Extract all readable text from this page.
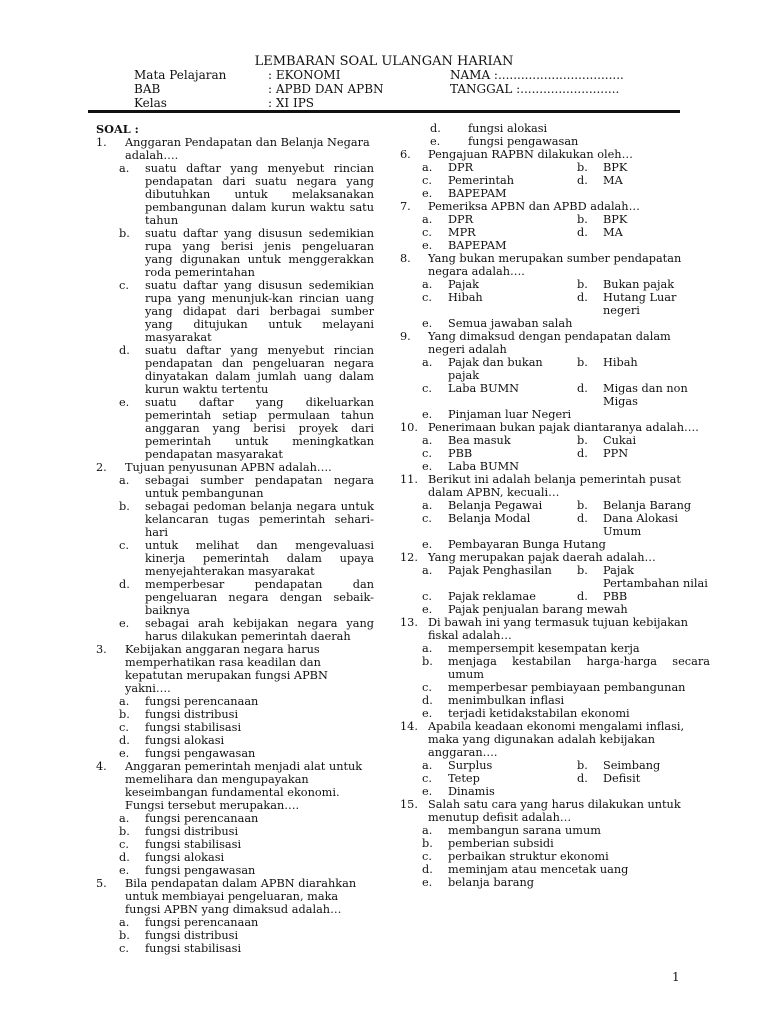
LEMBARAN SOAL ULANGAN HARIAN
Mata Pelajaran	: EKONOMI	NAMA :.................................
BAB	: APBD DAN APBN	TANGGAL :..........................
Kelas	: XI IPS
SOAL :
1. Anggaran Pendapatan dan Belanja Negara adalah….
a. suatu daftar yang menyebut rincian pendapatan dari suatu negara yang dibutuhkan untuk melaksanakan pembangunan dalam kurun waktu satu tahun
b. suatu daftar yang disusun sedemikian rupa yang berisi jenis pengeluaran yang digunakan untuk menggerakkan roda pemerintahan
c. suatu daftar yang disusun sedemikian rupa yang menunjuk-kan rincian uang yang didapat dari berbagai sumber yang ditujukan untuk melayani masyarakat
d. suatu daftar yang menyebut rincian pendapatan dan pengeluaran negara dinyatakan dalam jumlah uang dalam kurun waktu tertentu
e. suatu daftar yang dikeluarkan pemerintah setiap permulaan tahun anggaran yang berisi proyek dari pemerintah untuk meningkatkan pendapatan masyarakat
2. Tujuan penyusunan APBN adalah….
a. sebagai sumber pendapatan negara untuk pembangunan
b. sebagai pedoman belanja negara untuk kelancaran tugas pemerintah sehari-hari
c. untuk melihat dan mengevaluasi kinerja pemerintah dalam upaya menyejahterakan masyarakat
d. memperbesar pendapatan dan pengeluaran negara dengan sebaik-baiknya
e. sebagai arah kebijakan negara yang harus dilakukan pemerintah daerah
3. Kebijakan anggaran negara harus memperhatikan rasa keadilan dan kepatutan merupakan fungsi APBN yakni….
a. fungsi perencanaan
b. fungsi distribusi
c. fungsi stabilisasi
d. fungsi alokasi
e. fungsi pengawasan
4. Anggaran pemerintah menjadi alat untuk memelihara dan mengupayakan keseimbangan fundamental ekonomi. Fungsi tersebut merupakan….
a. fungsi perencanaan
b. fungsi distribusi
c. fungsi stabilisasi
d. fungsi alokasi
e. fungsi pengawasan
5. Bila pendapatan dalam APBN diarahkan untuk membiayai pengeluaran, maka fungsi APBN yang dimaksud adalah…
a. fungsi perencanaan
b. fungsi distribusi
c. fungsi stabilisasi
d. fungsi alokasi
e. fungsi pengawasan
6. Pengajuan RAPBN dilakukan oleh…
a. DPR	b. BPK
c. Pemerintah	d. MA
e. BAPEPAM
7. Pemeriksa APBN dan APBD adalah…
a. DPR	b. BPK
c. MPR	d. MA
e. BAPEPAM
8. Yang bukan merupakan sumber pendapatan negara adalah….
a. Pajak	b. Bukan pajak
c. Hibah	d. Hutang Luar negeri
e. Semua jawaban salah
9. Yang dimaksud dengan pendapatan dalam negeri adalah
a. Pajak dan bukan pajak
b. Hibah
c. Laba BUMN	d. Migas dan non Migas
e. Pinjaman luar Negeri
10. Penerimaan bukan pajak diantaranya adalah….
a. Bea masuk	b. Cukai
c. PBB	d. PPN
e. Laba BUMN
11. Berikut ini adalah belanja pemerintah pusat dalam APBN, kecuali…
a. Belanja Pegawai	b. Belanja Barang
c. Belanja Modal	d. Dana Alokasi Umum
e. Pembayaran Bunga Hutang
12. Yang merupakan pajak daerah adalah…
a. Pajak Penghasilan b. Pajak Pertambahan nilai
c. Pajak reklamae	d. PBB
e. Pajak penjualan barang mewah
13. Di bawah ini yang termasuk tujuan kebijakan fiskal adalah…
a. mempersempit kesempatan kerja
b. menjaga kestabilan harga-harga secara umum
c. memperbesar pembiayaan pembangunan
d. menimbulkan inflasi
e. terjadi ketidakstabilan ekonomi
14. Apabila keadaan ekonomi mengalami inflasi, maka yang digunakan adalah kebijakan anggaran….
a. Surplus	b. Seimbang
c. Tetep	d. Defisit
e. Dinamis
15. Salah satu cara yang harus dilakukan untuk menutup defisit adalah…
a. membangun sarana umum
b. pemberian subsidi
c. perbaikan struktur ekonomi
d. meminjam atau mencetak uang
e. belanja barang
1
